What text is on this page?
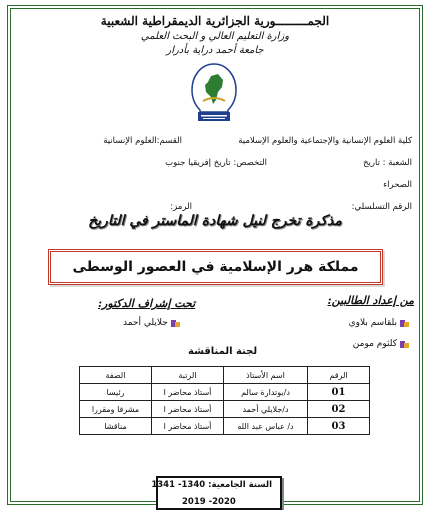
الجمـــــــــورية الجزائرية الديمقراطية الشعبية
وزارة التعليم العالي و البحث العلمي
جامعة أحمد دراية بأدرار
كلية العلوم الإنسانية والإجتماعية والعلوم الإسلامية
القسم:العلوم الإنسانية
الشعبة : تاريخ
التخصص: تاريخ إفريقيا جنوب
الصحراء
الرقم التسلسلي:
الرمز:
مذكرة تخرج لنيل شهادة الماستر في التاريخ
مملكة هرر الإسلامية في العصور الوسطى
من إعداد الطالبين:
تحت إشراف الدكتور:
بلقاسم بلاوي
كلثوم مومن
جلايلي أحمد
لجنة المناقشة
الرقم	اسم الأستاذ	الرتبة	الصفة
01	د/بوتدارة سالم	أستاذ محاضر ا	رئيسا
02	د/جلايلي أحمد	أستاذ محاضر ا	مشرفا ومقررا
03	د/ عباس عبد الله	أستاذ محاضر ا	مناقشا
السنة الجامعية: 1340- 1341
2019 -2020
